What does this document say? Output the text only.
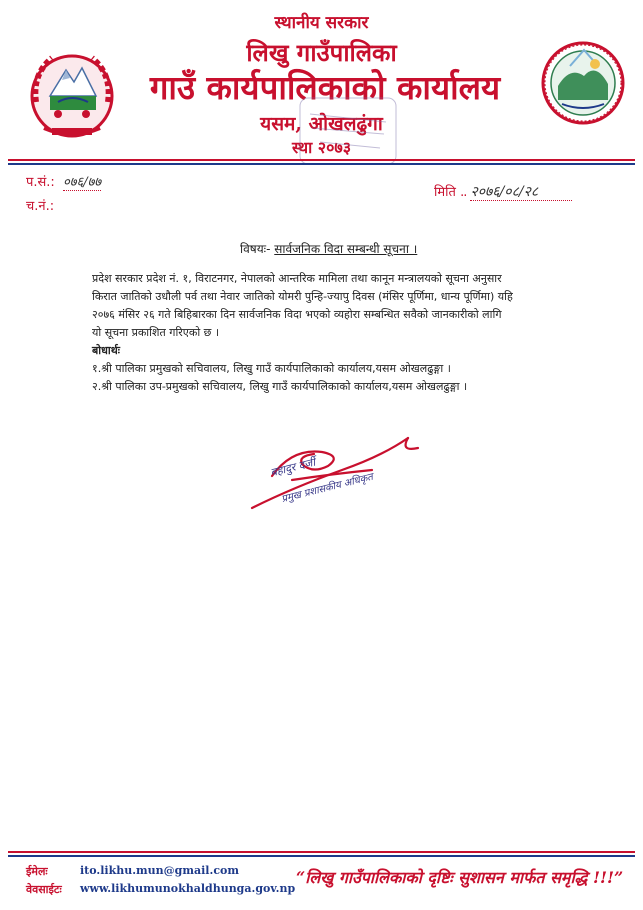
स्थानीय सरकार
लिखु गाउँपालिका
गाउँ कार्यपालिकाको कार्यालय
यसम, ओखलढुंगा
स्था २०७३
प.सं.: ०७६/७७
च.नं.:
मिति .. २०७६/०८/२८
विषयः- सार्वजनिक विदा सम्बन्धी सूचना ।
प्रदेश सरकार प्रदेश नं. १, विराटनगर, नेपालको आन्तरिक मामिला तथा कानून मन्त्रालयको सूचना अनुसार
किरात जातिको उधौली पर्व तथा नेवार जातिको योमरी पुन्हि-ज्यापु दिवस (मंसिर पूर्णिमा, धान्य पूर्णिमा) यहि
२०७६ मंसिर २६ गते बिहिबारका दिन सार्वजनिक विदा भएको व्यहोरा सम्बन्धित सवैको जानकारीको लागि
यो सूचना प्रकाशित गरिएको छ ।
बोधार्थः
१.श्री पालिका प्रमुखको सचिवालय, लिखु गाउँ कार्यपालिकाको कार्यालय,यसम ओखलढुङ्गा ।
२.श्री पालिका उप-प्रमुखको सचिवालय, लिखु गाउँ कार्यपालिकाको कार्यालय,यसम ओखलढुङ्गा ।
बहादुर दर्जी
प्रमुख प्रशासकीय अधिकृत
ईमेलः	ito.likhu.mun@gmail.com
वेवसाईटः www.likhumunokhaldhunga.gov.np
“लिखु गाउँपालिकाको दृष्टिः सुशासन मार्फत समृद्धि !!!”
